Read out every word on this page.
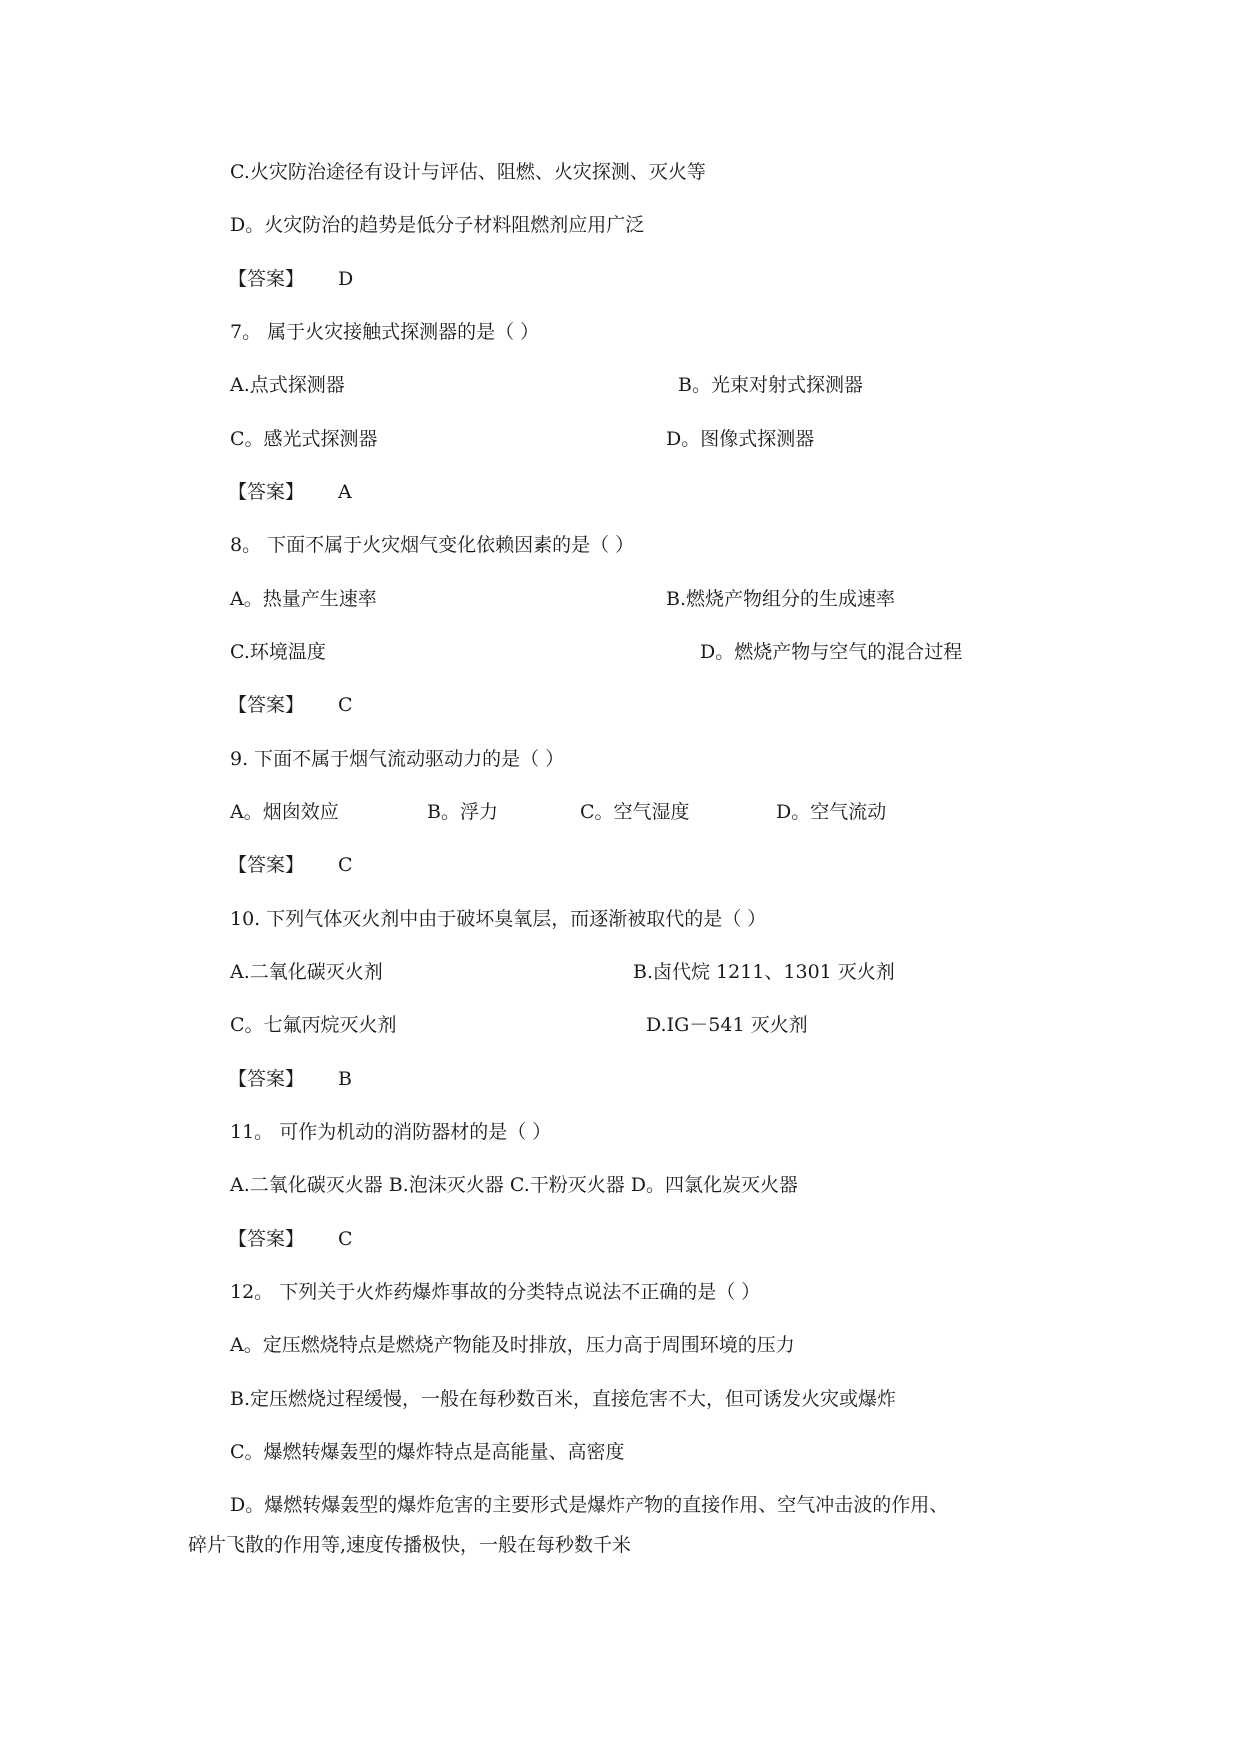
C.火灾防治途径有设计与评估、阻燃、火灾探测、灭火等
D。火灾防治的趋势是低分子材料阻燃剂应用广泛
【答案】 D
7。 属于火灾接触式探测器的是（ ）
A.点式探测器	B。光束对射式探测器
C。感光式探测器	D。图像式探测器
【答案】 A
8。 下面不属于火灾烟气变化依赖因素的是（ ）
A。热量产生速率	B.燃烧产物组分的生成速率
C.环境温度	D。燃烧产物与空气的混合过程
【答案】 C
9. 下面不属于烟气流动驱动力的是（ ）
A。烟囱效应	B。浮力	C。空气湿度	D。空气流动
【答案】 C
10. 下列气体灭火剂中由于破坏臭氧层，而逐渐被取代的是（ ）
A.二氧化碳灭火剂	B.卤代烷 1211、1301 灭火剂
C。七氟丙烷灭火剂	D.IG－541 灭火剂
【答案】 B
11。 可作为机动的消防器材的是（ ）
A.二氧化碳灭火器 B.泡沫灭火器 C.干粉灭火器 D。四氯化炭灭火器
【答案】 C
12。 下列关于火炸药爆炸事故的分类特点说法不正确的是（ ）
A。定压燃烧特点是燃烧产物能及时排放，压力高于周围环境的压力
B.定压燃烧过程缓慢，一般在每秒数百米，直接危害不大，但可诱发火灾或爆炸
C。爆燃转爆轰型的爆炸特点是高能量、高密度
D。爆燃转爆轰型的爆炸危害的主要形式是爆炸产物的直接作用、空气冲击波的作用、
碎片飞散的作用等,速度传播极快，一般在每秒数千米
